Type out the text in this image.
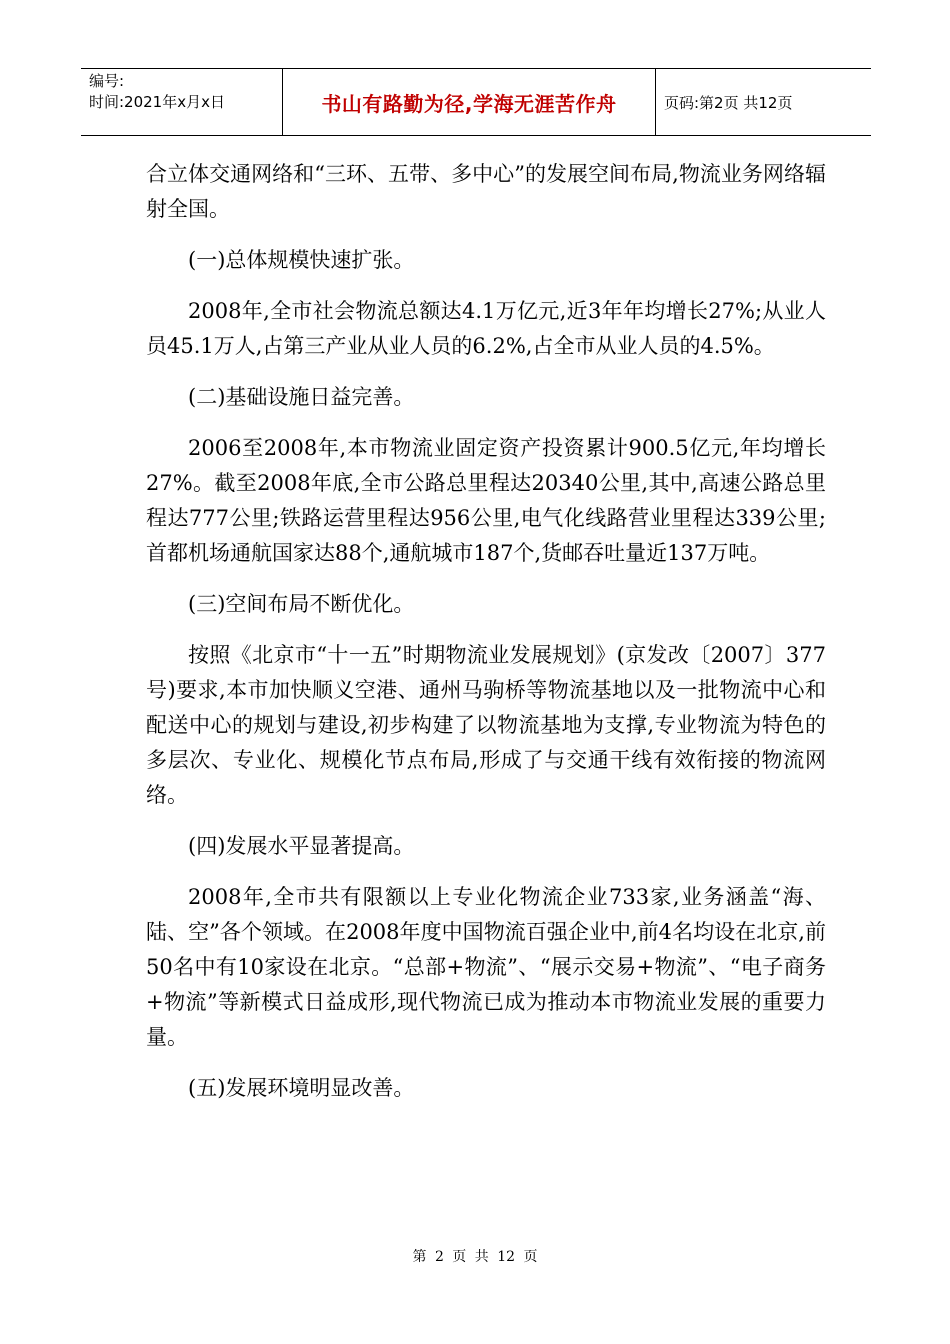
编号:
时间:2021年x月x日	书山有路勤为径,学海无涯苦作舟	页码:第2页 共12页

合立体交通网络和“三环、五带、多中心”的发展空间布局,物流业务网络辐射全国。

(一)总体规模快速扩张。

2008年,全市社会物流总额达4.1万亿元,近3年年均增长27%;从业人员45.1万人,占第三产业从业人员的6.2%,占全市从业人员的4.5%。

(二)基础设施日益完善。

2006至2008年,本市物流业固定资产投资累计900.5亿元,年均增长27%。截至2008年底,全市公路总里程达20340公里,其中,高速公路总里程达777公里;铁路运营里程达956公里,电气化线路营业里程达339公里;首都机场通航国家达88个,通航城市187个,货邮吞吐量近137万吨。

(三)空间布局不断优化。

按照《北京市“十一五”时期物流业发展规划》(京发改〔2007〕377号)要求,本市加快顺义空港、通州马驹桥等物流基地以及一批物流中心和配送中心的规划与建设,初步构建了以物流基地为支撑,专业物流为特色的多层次、专业化、规模化节点布局,形成了与交通干线有效衔接的物流网络。

(四)发展水平显著提高。

2008年,全市共有限额以上专业化物流企业733家,业务涵盖“海、陆、空”各个领域。在2008年度中国物流百强企业中,前4名均设在北京,前50名中有10家设在北京。“总部+物流”、“展示交易+物流”、“电子商务+物流”等新模式日益成形,现代物流已成为推动本市物流业发展的重要力量。

(五)发展环境明显改善。

第 2 页 共 12 页
